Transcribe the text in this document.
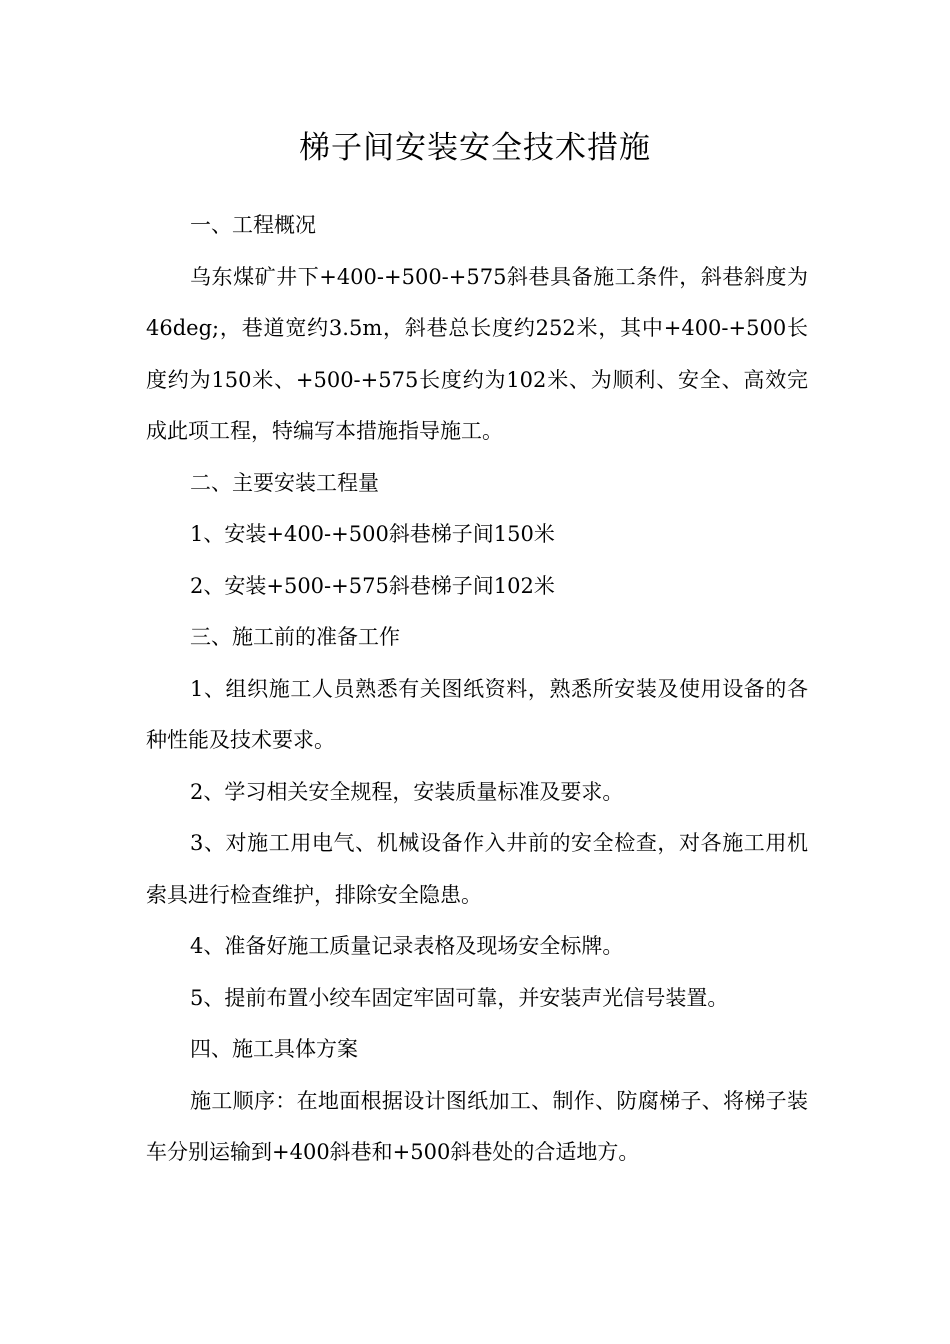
梯子间安装安全技术措施

一、工程概况

乌东煤矿井下+400-+500-+575斜巷具备施工条件，斜巷斜度为46deg;，巷道宽约3.5m，斜巷总长度约252米，其中+400-+500长度约为150米、+500-+575长度约为102米、为顺利、安全、高效完成此项工程，特编写本措施指导施工。

二、主要安装工程量

1、安装+400-+500斜巷梯子间150米

2、安装+500-+575斜巷梯子间102米

三、施工前的准备工作

1、组织施工人员熟悉有关图纸资料，熟悉所安装及使用设备的各种性能及技术要求。

2、学习相关安全规程，安装质量标准及要求。

3、对施工用电气、机械设备作入井前的安全检查，对各施工用机索具进行检查维护，排除安全隐患。

4、准备好施工质量记录表格及现场安全标牌。

5、提前布置小绞车固定牢固可靠，并安装声光信号装置。

四、施工具体方案

施工顺序：在地面根据设计图纸加工、制作、防腐梯子、将梯子装车分别运输到+400斜巷和+500斜巷处的合适地方。
